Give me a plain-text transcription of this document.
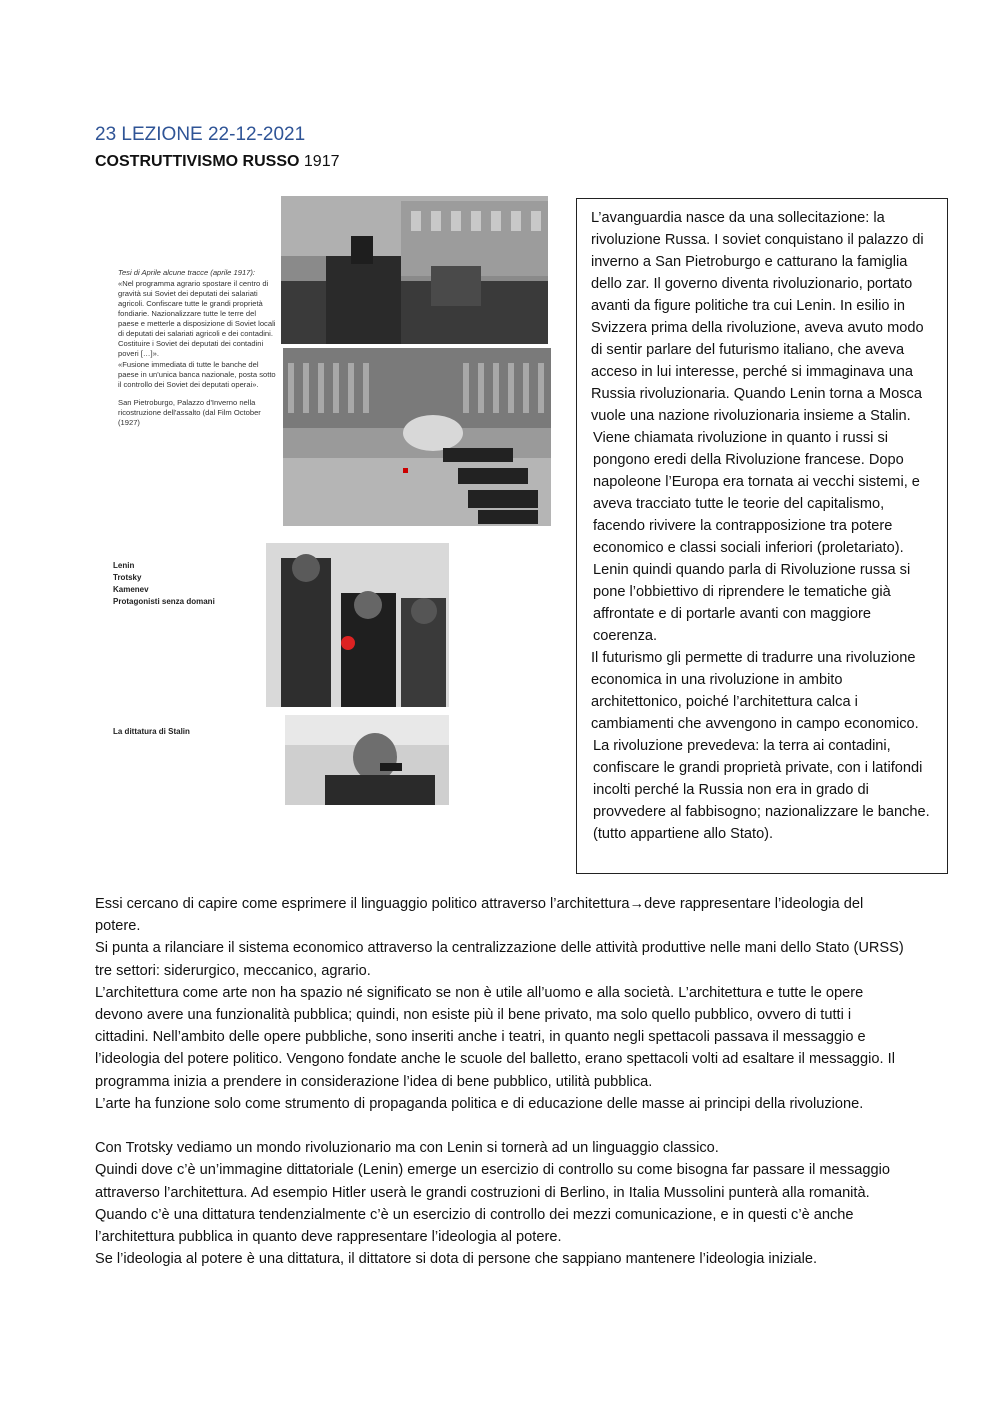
23 LEZIONE 22-12-2021
COSTRUTTIVISMO RUSSO 1917
Tesi di Aprile alcune tracce (aprile 1917):
«Nel programma agrario spostare il centro di gravità sui Soviet dei deputati dei salariati agricoli. Confiscare tutte le grandi proprietà fondiarie. Nazionalizzare tutte le terre del paese e metterle a disposizione di Soviet locali di deputati dei salariati agricoli e dei contadini. Costituire i Soviet dei deputati dei contadini poveri […]».
«Fusione immediata di tutte le banche del paese in un'unica banca nazionale, posta sotto il controllo dei Soviet dei deputati operai».
San Pietroburgo, Palazzo d'Inverno nella ricostruzione dell'assalto (dal Film October (1927)
Lenin
Trotsky
Kamenev
Protagonisti senza domani
La dittatura di Stalin

L’avanguardia nasce da una sollecitazione: la rivoluzione Russa. I soviet conquistano il palazzo di inverno a San Pietroburgo e catturano la famiglia dello zar. Il governo diventa rivoluzionario, portato avanti da figure politiche tra cui Lenin. In esilio in Svizzera prima della rivoluzione, aveva avuto modo di sentir parlare del futurismo italiano, che aveva acceso in lui interesse, perché si immaginava una Russia rivoluzionaria. Quando Lenin torna a Mosca vuole una nazione rivoluzionaria insieme a Stalin.

Viene chiamata rivoluzione in quanto i russi si pongono eredi della Rivoluzione francese. Dopo napoleone l’Europa era tornata ai vecchi sistemi, e aveva tracciato tutte le teorie del capitalismo, facendo rivivere la contrapposizione tra potere economico e classi sociali inferiori (proletariato). Lenin quindi quando parla di Rivoluzione russa si pone l’obbiettivo di riprendere le tematiche già affrontate e di portarle avanti con maggiore coerenza.

Il futurismo gli permette di tradurre una rivoluzione economica in una rivoluzione in ambito architettonico, poiché l’architettura calca i cambiamenti che avvengono in campo economico.

La rivoluzione prevedeva: la terra ai contadini, confiscare le grandi proprietà private, con i latifondi incolti perché la Russia non era in grado di provvedere al fabbisogno; nazionalizzare le banche. (tutto appartiene allo Stato).

Essi cercano di capire come esprimere il linguaggio politico attraverso l’architettura→deve rappresentare l’ideologia del potere.

Si punta a rilanciare il sistema economico attraverso la centralizzazione delle attività produttive nelle mani dello Stato (URSS) tre settori: siderurgico, meccanico, agrario.

L’architettura come arte non ha spazio né significato se non è utile all’uomo e alla società. L’architettura e tutte le opere devono avere una funzionalità pubblica; quindi, non esiste più il bene privato, ma solo quello pubblico, ovvero di tutti i cittadini. Nell’ambito delle opere pubbliche, sono inseriti anche i teatri, in quanto negli spettacoli passava il messaggio e l’ideologia del potere politico. Vengono fondate anche le scuole del balletto, erano spettacoli volti ad esaltare il messaggio. Il programma inizia a prendere in considerazione l’idea di bene pubblico, utilità pubblica.

L’arte ha funzione solo come strumento di propaganda politica e di educazione delle masse ai principi della rivoluzione.

Con Trotsky vediamo un mondo rivoluzionario ma con Lenin si tornerà ad un linguaggio classico.

Quindi dove c’è un’immagine dittatoriale (Lenin) emerge un esercizio di controllo su come bisogna far passare il messaggio attraverso l’architettura. Ad esempio Hitler userà le grandi costruzioni di Berlino, in Italia Mussolini punterà alla romanità.

Quando c’è una dittatura tendenzialmente c’è un esercizio di controllo dei mezzi comunicazione, e in questi c’è anche l’architettura pubblica in quanto deve rappresentare l’ideologia al potere.

Se l’ideologia al potere è una dittatura, il dittatore si dota di persone che sappiano mantenere l’ideologia iniziale.
